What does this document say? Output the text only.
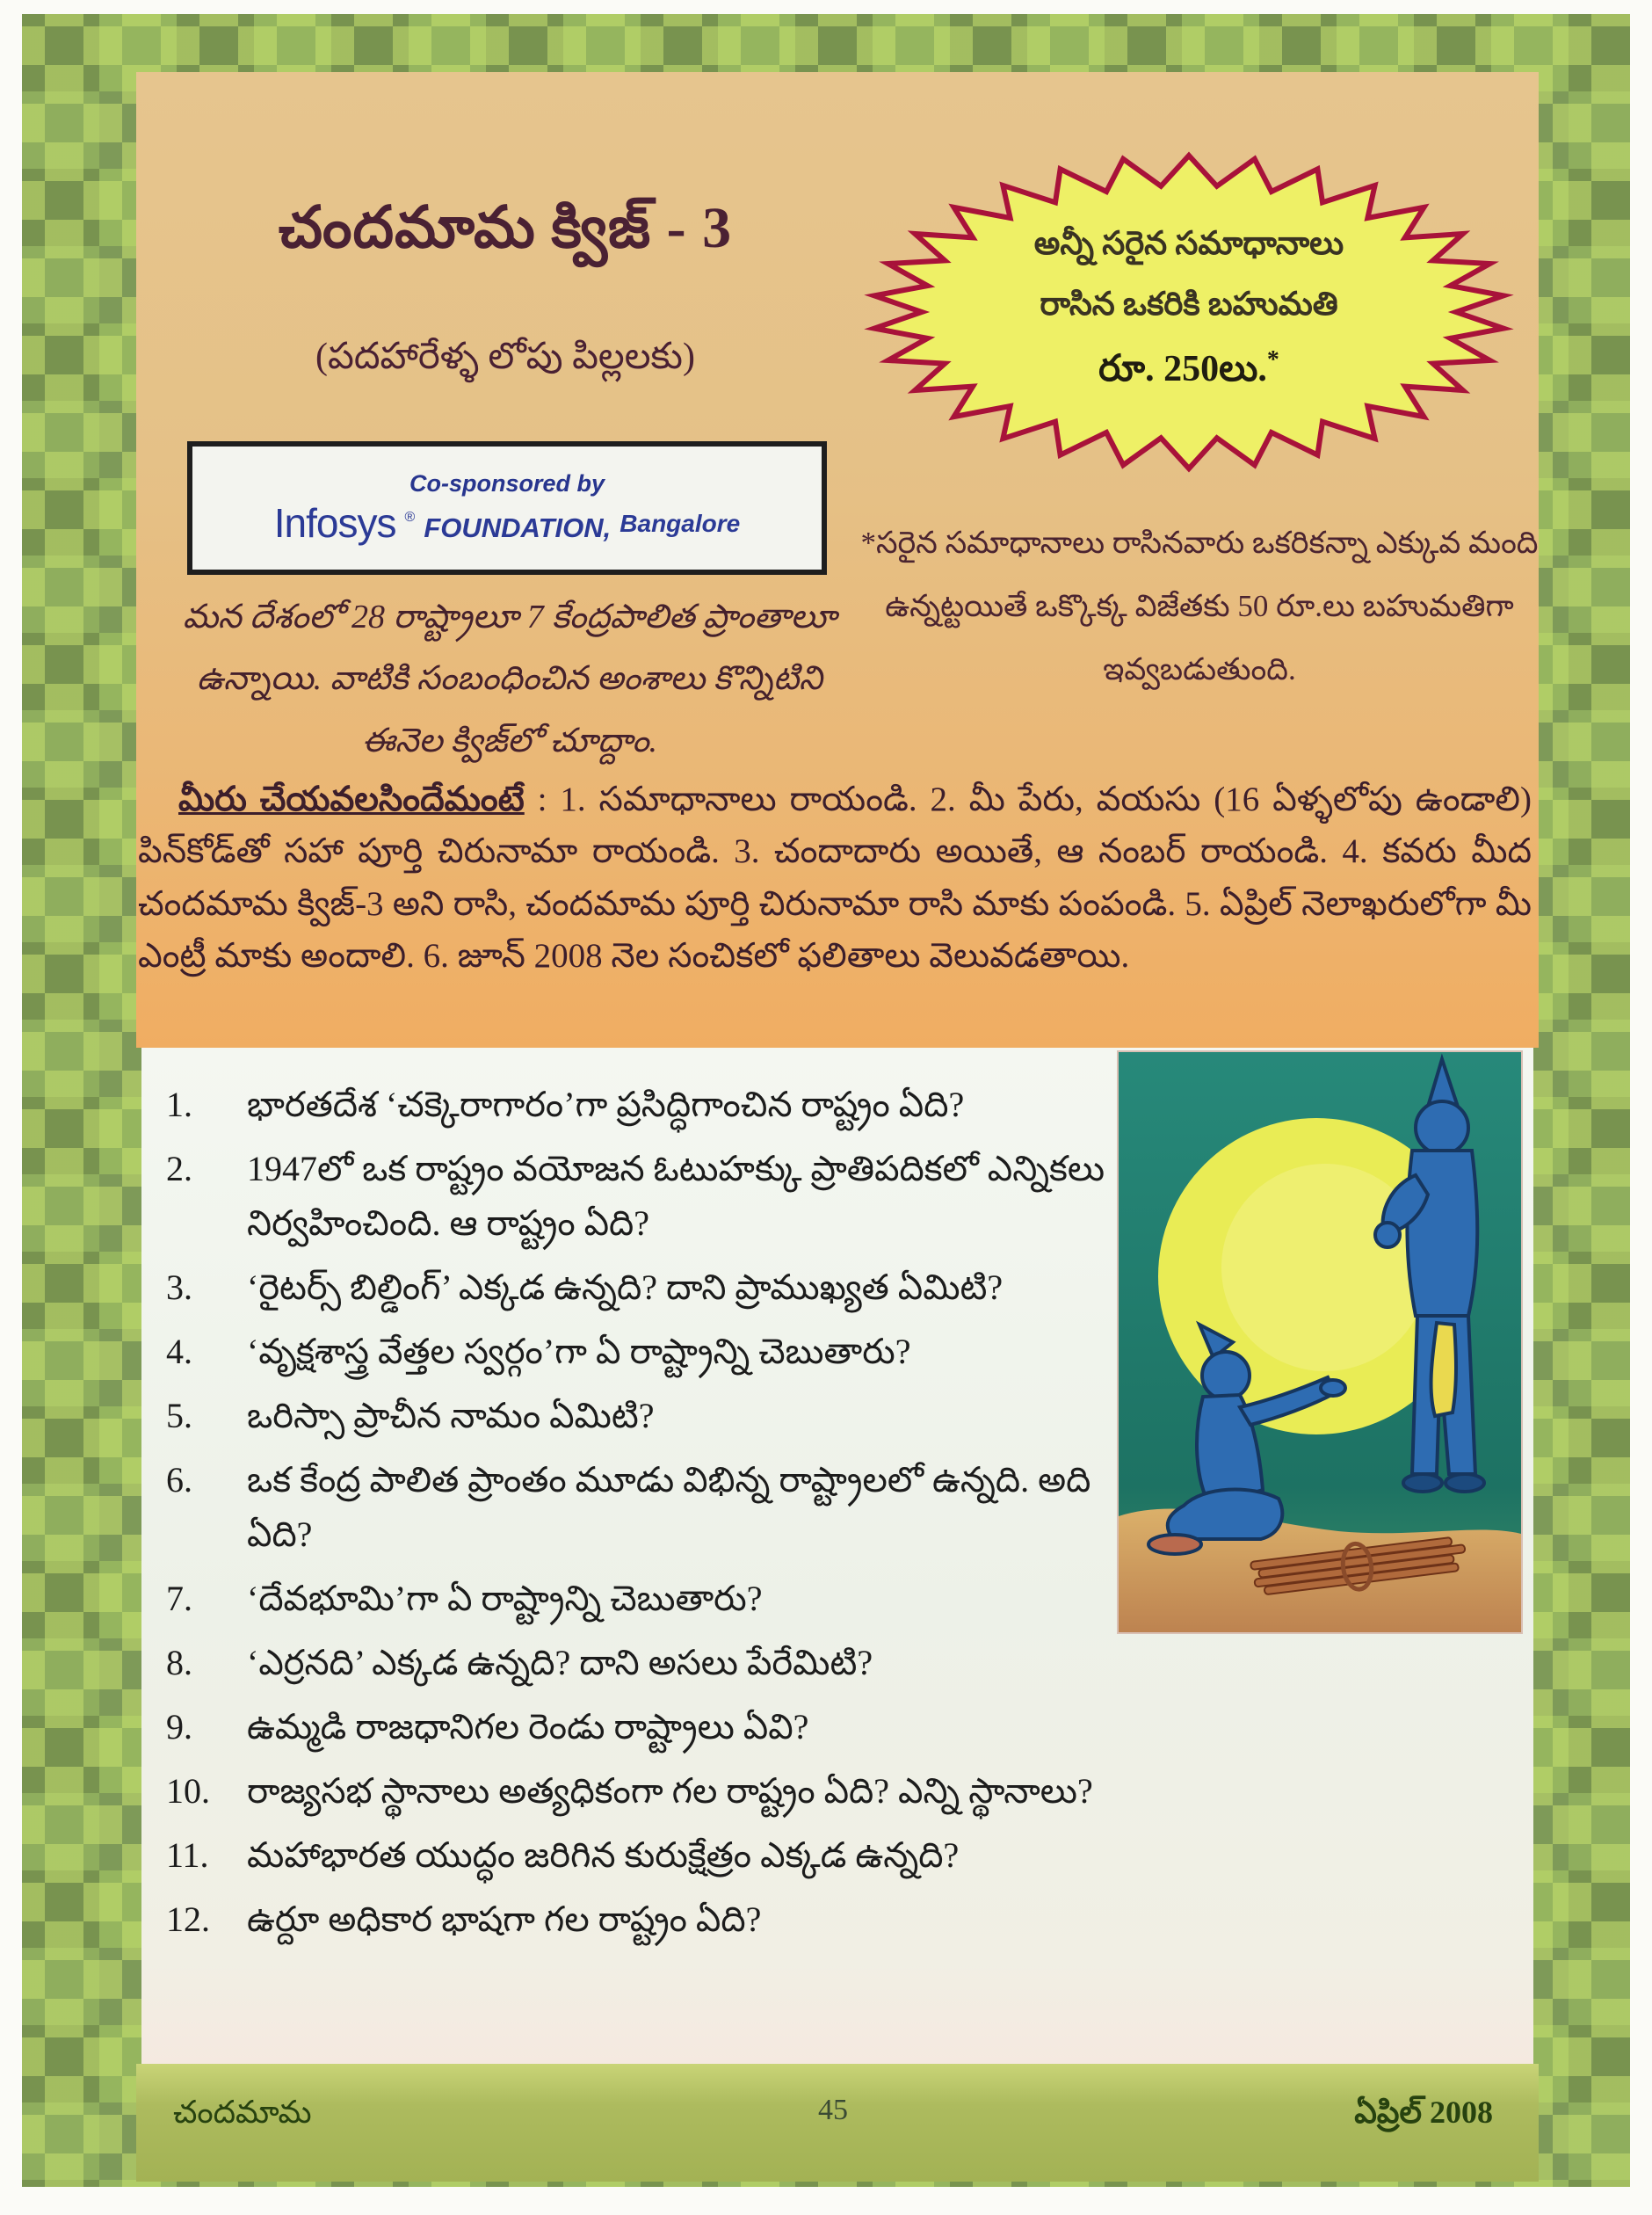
చందమామ క్విజ్ - 3
(పదహారేళ్ళ లోపు పిల్లలకు)
అన్నీ సరైన సమాధానాలు
రాసిన ఒకరికి బహుమతి
రూ. 250లు.*
Co-sponsored by
Infosys ® FOUNDATION, Bangalore
మన దేశంలో 28 రాష్ట్రాలూ 7 కేంద్రపాలిత ప్రాంతాలూ ఉన్నాయి. వాటికి సంబంధించిన అంశాలు కొన్నిటిని ఈనెల క్విజ్‌లో చూద్దాం.
*సరైన సమాధానాలు రాసినవారు ఒకరికన్నా ఎక్కువ మంది ఉన్నట్టయితే ఒక్కొక్క విజేతకు 50 రూ.లు బహుమతిగా ఇవ్వబడుతుంది.
మీరు చేయవలసిందేమంటే : 1. సమాధానాలు రాయండి. 2. మీ పేరు, వయసు (16 ఏళ్ళలోపు ఉండాలి) పిన్‌కోడ్‌తో సహా పూర్తి చిరునామా రాయండి. 3. చందాదారు అయితే, ఆ నంబర్ రాయండి. 4. కవరు మీద చందమామ క్విజ్-3 అని రాసి, చందమామ పూర్తి చిరునామా రాసి మాకు పంపండి. 5. ఏప్రిల్ నెలాఖరులోగా మీ ఎంట్రీ మాకు అందాలి. 6. జూన్ 2008 నెల సంచికలో ఫలితాలు వెలువడతాయి.
1.	భారతదేశ ‘చక్కెరాగారం’గా ప్రసిద్ధిగాంచిన రాష్ట్రం ఏది?
2.	1947లో ఒక రాష్ట్రం వయోజన ఓటుహక్కు ప్రాతిపదికలో ఎన్నికలు నిర్వహించింది. ఆ రాష్ట్రం ఏది?
3.	‘రైటర్స్ బిల్డింగ్’ ఎక్కడ ఉన్నది? దాని ప్రాముఖ్యత ఏమిటి?
4.	‘వృక్షశాస్త్ర వేత్తల స్వర్గం’గా ఏ రాష్ట్రాన్ని చెబుతారు?
5.	ఒరిస్సా ప్రాచీన నామం ఏమిటి?
6.	ఒక కేంద్ర పాలిత ప్రాంతం మూడు విభిన్న రాష్ట్రాలలో ఉన్నది. అది ఏది?
7.	‘దేవభూమి’గా ఏ రాష్ట్రాన్ని చెబుతారు?
8.	‘ఎర్రనది’ ఎక్కడ ఉన్నది? దాని అసలు పేరేమిటి?
9.	ఉమ్మడి రాజధానిగల రెండు రాష్ట్రాలు ఏవి?
10.	రాజ్యసభ స్థానాలు అత్యధికంగా గల రాష్ట్రం ఏది? ఎన్ని స్థానాలు?
11.	మహాభారత యుద్ధం జరిగిన కురుక్షేత్రం ఎక్కడ ఉన్నది?
12.	ఉర్దూ అధికార భాషగా గల రాష్ట్రం ఏది?
చందమామ	45	ఏప్రిల్ 2008
